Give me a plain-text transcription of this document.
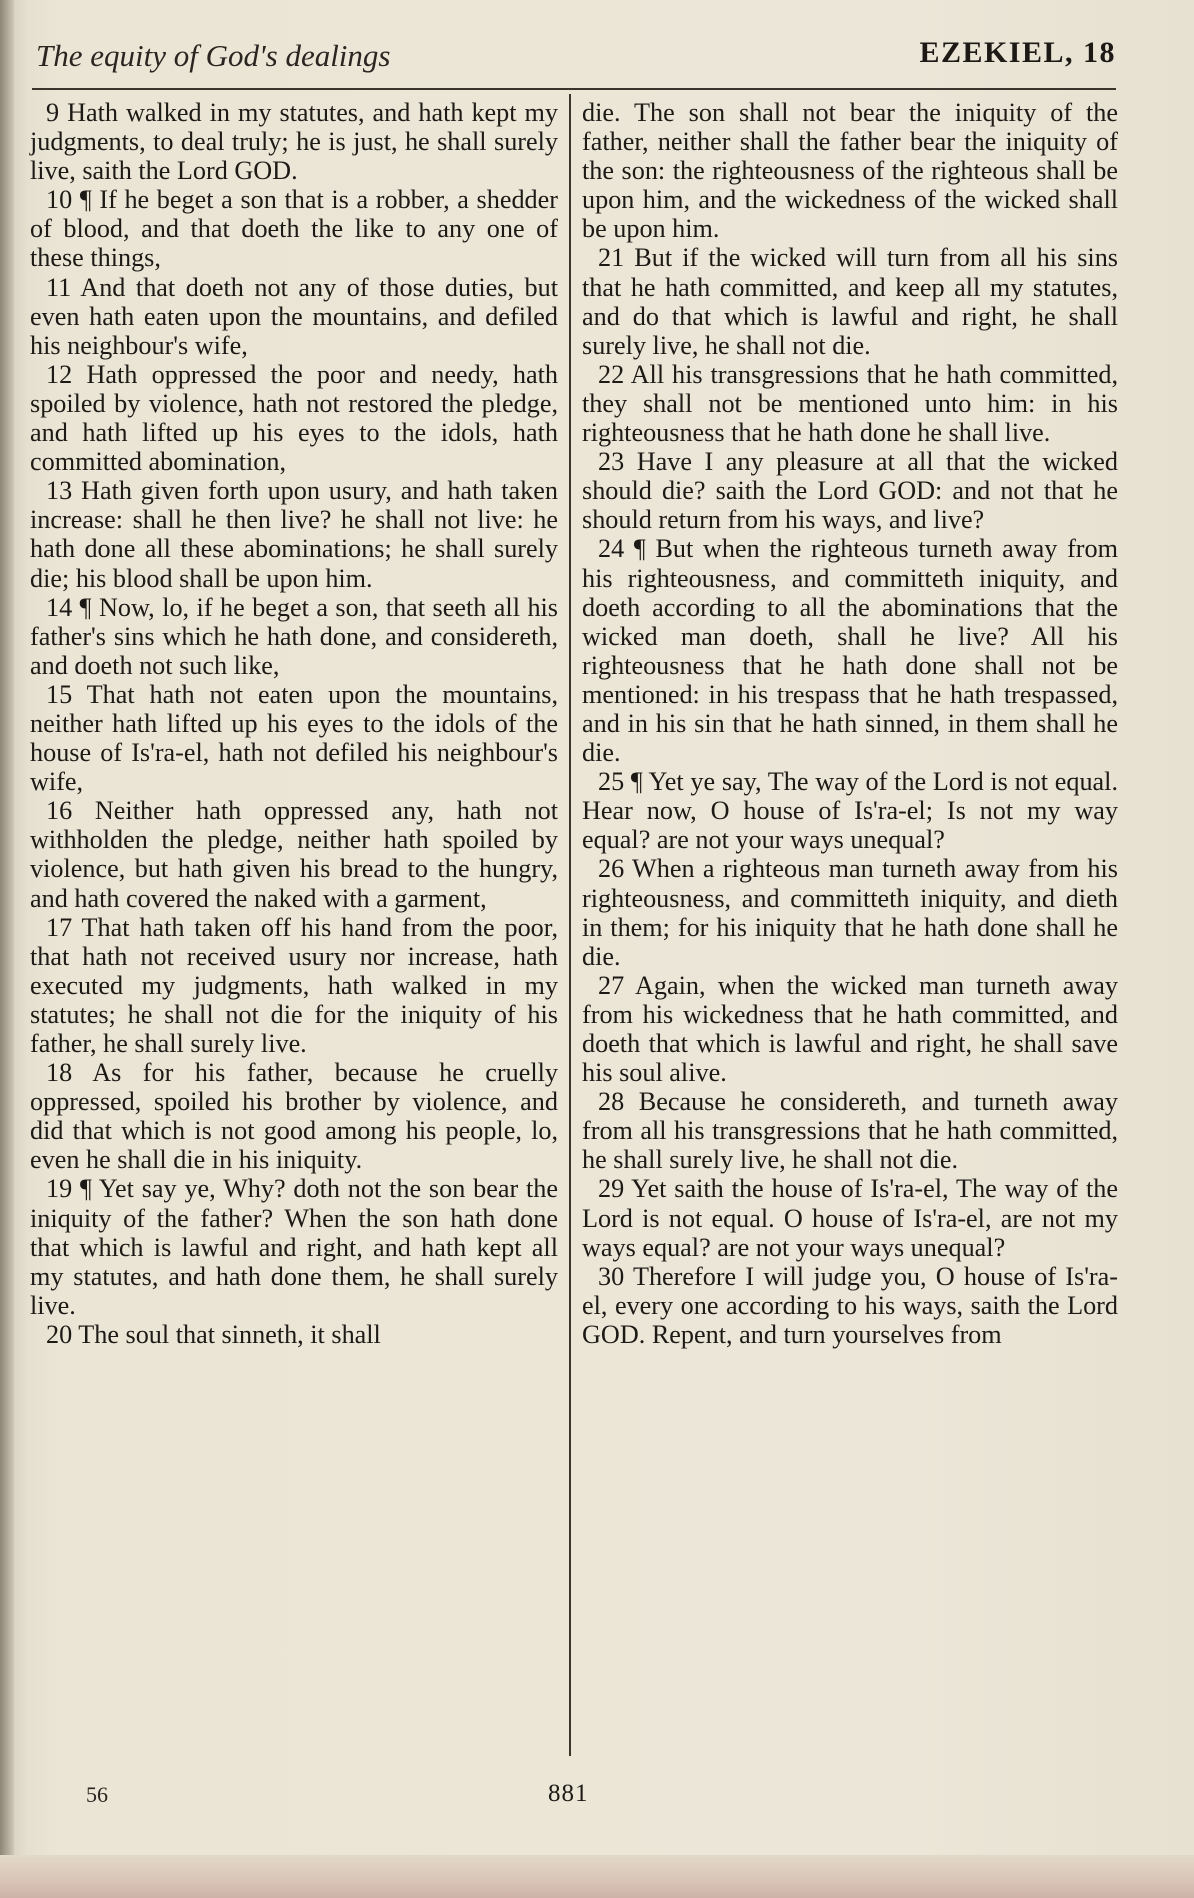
The equity of God's dealings	EZEKIEL, 18

9 Hath walked in my statutes, and hath kept my judgments, to deal truly; he is just, he shall surely live, saith the Lord GOD.

10 ¶ If he beget a son that is a robber, a shedder of blood, and that doeth the like to any one of these things,

11 And that doeth not any of those duties, but even hath eaten upon the mountains, and defiled his neighbour's wife,

12 Hath oppressed the poor and needy, hath spoiled by violence, hath not restored the pledge, and hath lifted up his eyes to the idols, hath committed abomination,

13 Hath given forth upon usury, and hath taken increase: shall he then live? he shall not live: he hath done all these abominations; he shall surely die; his blood shall be upon him.

14 ¶ Now, lo, if he beget a son, that seeth all his father's sins which he hath done, and considereth, and doeth not such like,

15 That hath not eaten upon the mountains, neither hath lifted up his eyes to the idols of the house of Is'ra-el, hath not defiled his neighbour's wife,

16 Neither hath oppressed any, hath not withholden the pledge, neither hath spoiled by violence, but hath given his bread to the hungry, and hath covered the naked with a garment,

17 That hath taken off his hand from the poor, that hath not received usury nor increase, hath executed my judgments, hath walked in my statutes; he shall not die for the iniquity of his father, he shall surely live.

18 As for his father, because he cruelly oppressed, spoiled his brother by violence, and did that which is not good among his people, lo, even he shall die in his iniquity.

19 ¶ Yet say ye, Why? doth not the son bear the iniquity of the father? When the son hath done that which is lawful and right, and hath kept all my statutes, and hath done them, he shall surely live.

20 The soul that sinneth, it shall

die. The son shall not bear the iniquity of the father, neither shall the father bear the iniquity of the son: the righteousness of the righteous shall be upon him, and the wickedness of the wicked shall be upon him.

21 But if the wicked will turn from all his sins that he hath committed, and keep all my statutes, and do that which is lawful and right, he shall surely live, he shall not die.

22 All his transgressions that he hath committed, they shall not be mentioned unto him: in his righteousness that he hath done he shall live.

23 Have I any pleasure at all that the wicked should die? saith the Lord GOD: and not that he should return from his ways, and live?

24 ¶ But when the righteous turneth away from his righteousness, and committeth iniquity, and doeth according to all the abominations that the wicked man doeth, shall he live? All his righteousness that he hath done shall not be mentioned: in his trespass that he hath trespassed, and in his sin that he hath sinned, in them shall he die.

25 ¶ Yet ye say, The way of the Lord is not equal. Hear now, O house of Is'ra-el; Is not my way equal? are not your ways unequal?

26 When a righteous man turneth away from his righteousness, and committeth iniquity, and dieth in them; for his iniquity that he hath done shall he die.

27 Again, when the wicked man turneth away from his wickedness that he hath committed, and doeth that which is lawful and right, he shall save his soul alive.

28 Because he considereth, and turneth away from all his transgressions that he hath committed, he shall surely live, he shall not die.

29 Yet saith the house of Is'ra-el, The way of the Lord is not equal. O house of Is'ra-el, are not my ways equal? are not your ways unequal?

30 Therefore I will judge you, O house of Is'ra-el, every one according to his ways, saith the Lord GOD. Repent, and turn yourselves from

56	881
